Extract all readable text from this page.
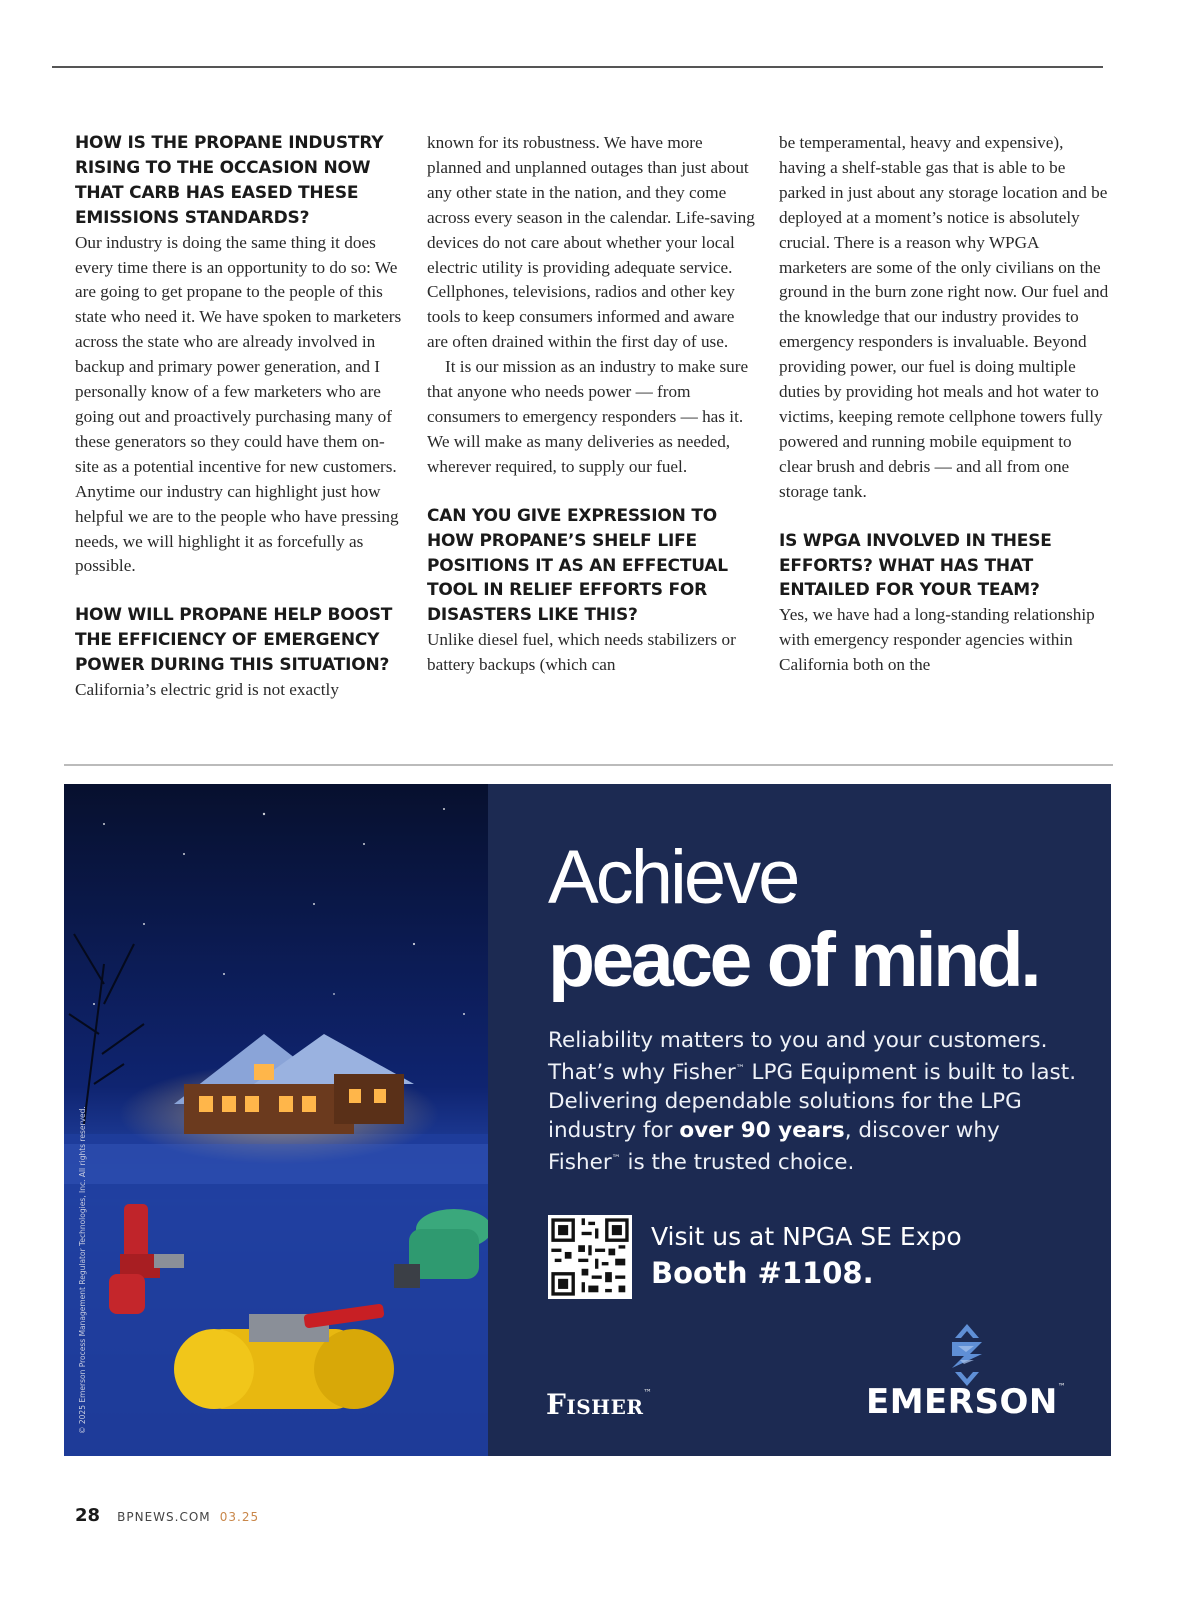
HOW IS THE PROPANE INDUSTRY RISING TO THE OCCASION NOW THAT CARB HAS EASED THESE EMISSIONS STANDARDS?

Our industry is doing the same thing it does every time there is an opportunity to do so: We are going to get propane to the people of this state who need it. We have spoken to marketers across the state who are already involved in backup and primary power generation, and I personally know of a few marketers who are going out and proactively purchasing many of these generators so they could have them on-site as a potential incentive for new customers. Anytime our industry can highlight just how helpful we are to the people who have pressing needs, we will highlight it as forcefully as possible.

HOW WILL PROPANE HELP BOOST THE EFFICIENCY OF EMERGENCY POWER DURING THIS SITUATION?

California’s electric grid is not exactly

known for its robustness. We have more planned and unplanned outages than just about any other state in the nation, and they come across every season in the calendar. Life-saving devices do not care about whether your local electric utility is providing adequate service. Cellphones, televisions, radios and other key tools to keep consumers informed and aware are often drained within the first day of use.

It is our mission as an industry to make sure that anyone who needs power — from consumers to emergency responders — has it. We will make as many deliveries as needed, wherever required, to supply our fuel.

CAN YOU GIVE EXPRESSION TO HOW PROPANE’S SHELF LIFE POSITIONS IT AS AN EFFECTUAL TOOL IN RELIEF EFFORTS FOR DISASTERS LIKE THIS?

Unlike diesel fuel, which needs stabilizers or battery backups (which can

be temperamental, heavy and expensive), having a shelf-stable gas that is able to be parked in just about any storage location and be deployed at a moment’s notice is absolutely crucial. There is a reason why WPGA marketers are some of the only civilians on the ground in the burn zone right now. Our fuel and the knowledge that our industry provides to emergency responders is invaluable. Beyond providing power, our fuel is doing multiple duties by providing hot meals and hot water to victims, keeping remote cellphone towers fully powered and running mobile equipment to clear brush and debris — and all from one storage tank.

IS WPGA INVOLVED IN THESE EFFORTS? WHAT HAS THAT ENTAILED FOR YOUR TEAM?

Yes, we have had a long-standing relationship with emergency responder agencies within California both on the

Achieve
peace of mind.
Reliability matters to you and your customers. That’s why Fisher™ LPG Equipment is built to last. Delivering dependable solutions for the LPG industry for over 90 years, discover why Fisher™ is the trusted choice.
Visit us at NPGA SE Expo
Booth #1108.
Fisher™	EMERSON™
© 2025 Emerson Process Management Regulator Technologies, Inc. All rights reserved.
28 BPNEWS.COM 03.25
